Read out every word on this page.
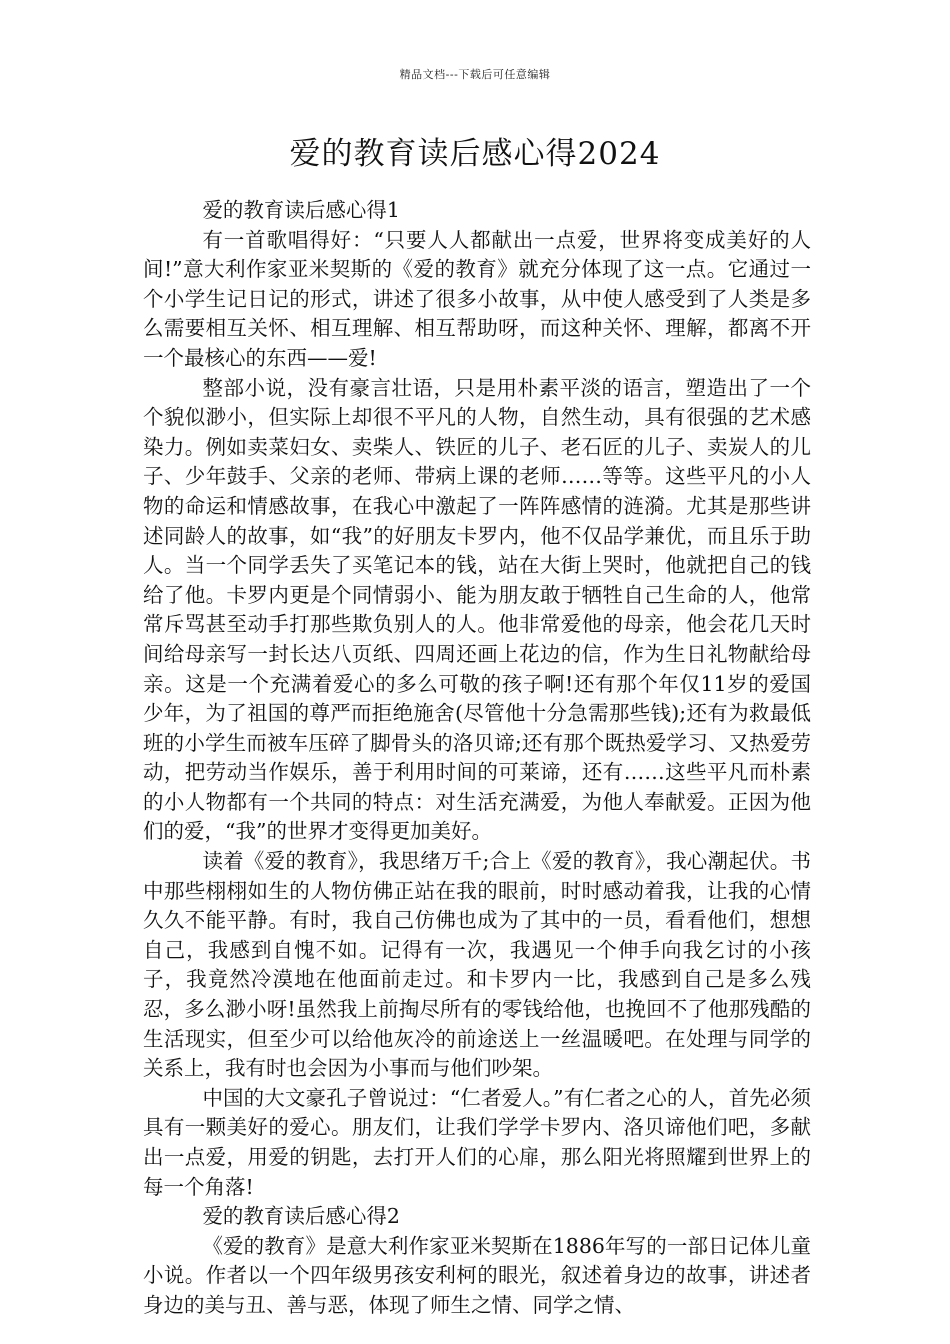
精品文档---下载后可任意编辑
爱的教育读后感心得2024

爱的教育读后感心得1

有一首歌唱得好：“只要人人都献出一点爱，世界将变成美好的人间!”意大利作家亚米契斯的《爱的教育》就充分体现了这一点。它通过一个小学生记日记的形式，讲述了很多小故事，从中使人感受到了人类是多么需要相互关怀、相互理解、相互帮助呀，而这种关怀、理解，都离不开一个最核心的东西——爱!

整部小说，没有豪言壮语，只是用朴素平淡的语言，塑造出了一个个貌似渺小，但实际上却很不平凡的人物，自然生动，具有很强的艺术感染力。例如卖菜妇女、卖柴人、铁匠的儿子、老石匠的儿子、卖炭人的儿子、少年鼓手、父亲的老师、带病上课的老师……等等。这些平凡的小人物的命运和情感故事，在我心中激起了一阵阵感情的涟漪。尤其是那些讲述同龄人的故事，如“我”的好朋友卡罗内，他不仅品学兼优，而且乐于助人。当一个同学丢失了买笔记本的钱，站在大街上哭时，他就把自己的钱给了他。卡罗内更是个同情弱小、能为朋友敢于牺牲自己生命的人，他常常斥骂甚至动手打那些欺负别人的人。他非常爱他的母亲，他会花几天时间给母亲写一封长达八页纸、四周还画上花边的信，作为生日礼物献给母亲。这是一个充满着爱心的多么可敬的孩子啊!还有那个年仅11岁的爱国少年，为了祖国的尊严而拒绝施舍(尽管他十分急需那些钱);还有为救最低班的小学生而被车压碎了脚骨头的洛贝谛;还有那个既热爱学习、又热爱劳动，把劳动当作娱乐，善于利用时间的可莱谛，还有……这些平凡而朴素的小人物都有一个共同的特点：对生活充满爱，为他人奉献爱。正因为他们的爱，“我”的世界才变得更加美好。

读着《爱的教育》，我思绪万千;合上《爱的教育》，我心潮起伏。书中那些栩栩如生的人物仿佛正站在我的眼前，时时感动着我，让我的心情久久不能平静。有时，我自己仿佛也成为了其中的一员，看看他们，想想自己，我感到自愧不如。记得有一次，我遇见一个伸手向我乞讨的小孩子，我竟然冷漠地在他面前走过。和卡罗内一比，我感到自己是多么残忍，多么渺小呀!虽然我上前掏尽所有的零钱给他，也挽回不了他那残酷的生活现实，但至少可以给他灰冷的前途送上一丝温暖吧。在处理与同学的关系上，我有时也会因为小事而与他们吵架。

中国的大文豪孔子曾说过：“仁者爱人。”有仁者之心的人，首先必须具有一颗美好的爱心。朋友们，让我们学学卡罗内、洛贝谛他们吧，多献出一点爱，用爱的钥匙，去打开人们的心扉，那么阳光将照耀到世界上的每一个角落!

爱的教育读后感心得2

《爱的教育》是意大利作家亚米契斯在1886年写的一部日记体儿童小说。作者以一个四年级男孩安利柯的眼光，叙述着身边的故事，讲述者身边的美与丑、善与恶，体现了师生之情、同学之情、
